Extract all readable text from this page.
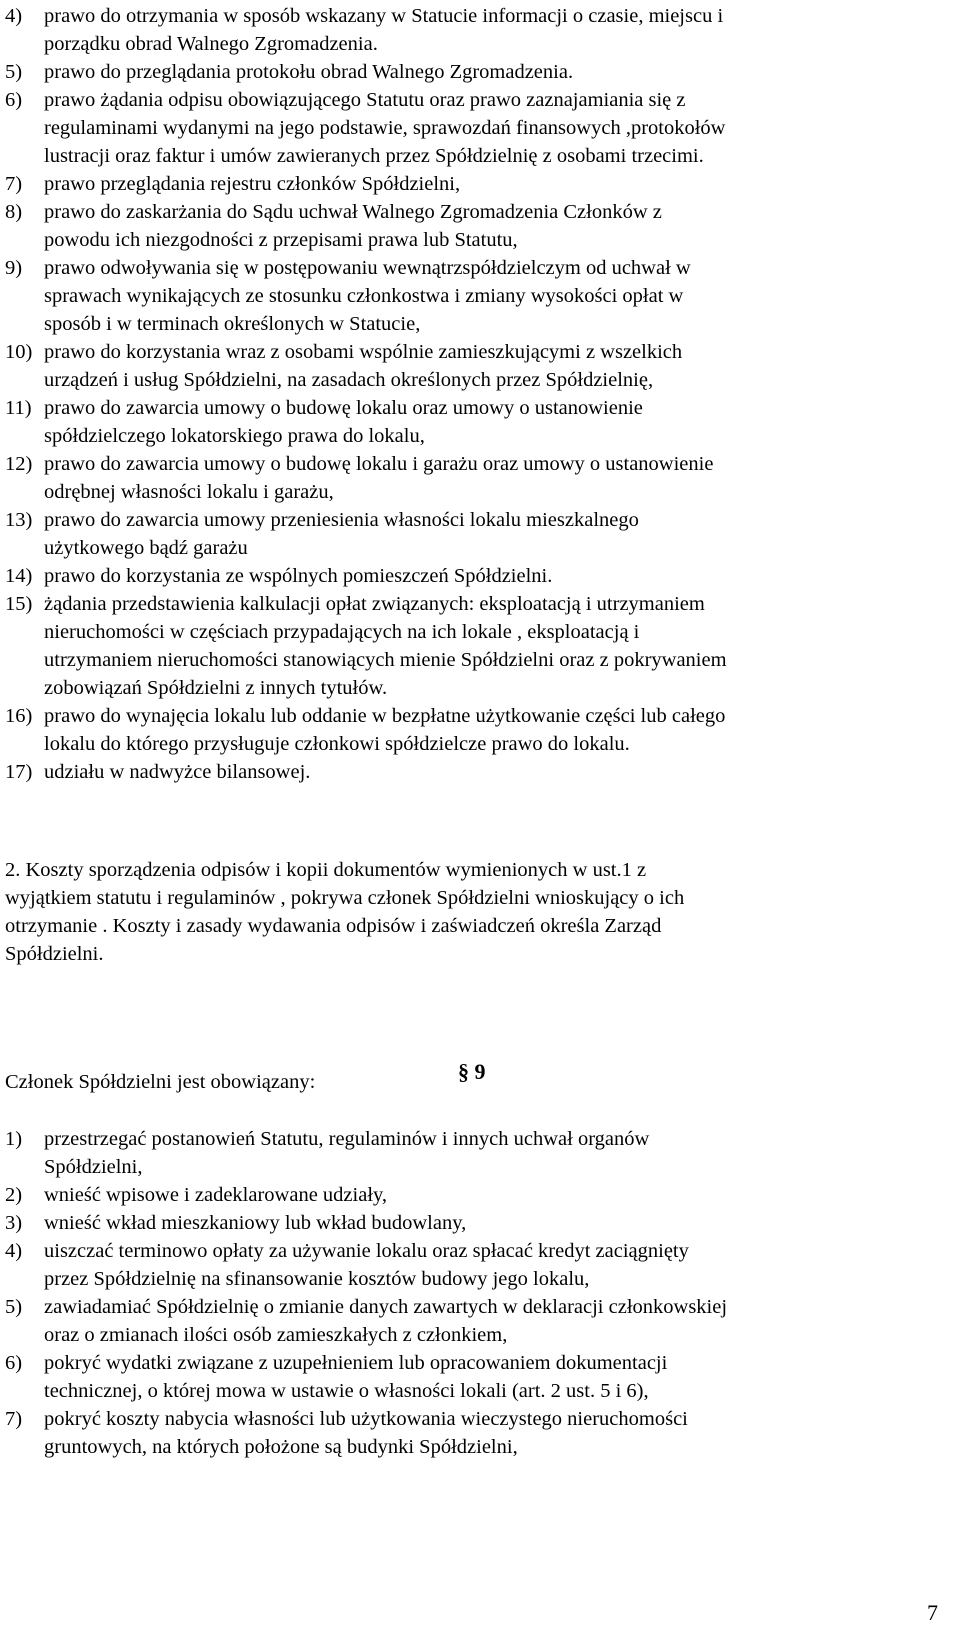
4)	prawo do otrzymania w sposób wskazany w Statucie informacji o czasie, miejscu i
porządku obrad Walnego Zgromadzenia.
5)	prawo do przeglądania protokołu obrad Walnego Zgromadzenia.
6)	prawo żądania odpisu obowiązującego Statutu oraz prawo zaznajamiania się z
regulaminami wydanymi na jego podstawie, sprawozdań finansowych ,protokołów
lustracji oraz faktur i umów zawieranych przez Spółdzielnię z osobami trzecimi.
7)	prawo przeglądania rejestru członków Spółdzielni,
8)	prawo do zaskarżania do Sądu uchwał Walnego Zgromadzenia Członków z
powodu ich niezgodności z przepisami prawa lub Statutu,
9)	prawo odwoływania się w postępowaniu wewnątrzspółdzielczym od uchwał w
sprawach wynikających ze stosunku członkostwa i zmiany wysokości opłat w
sposób i w terminach określonych w Statucie,
10) prawo do korzystania wraz z osobami wspólnie zamieszkującymi z wszelkich
urządzeń i usług Spółdzielni, na zasadach określonych przez Spółdzielnię,
11) prawo do zawarcia umowy o budowę lokalu oraz umowy o ustanowienie
spółdzielczego lokatorskiego prawa do lokalu,
12) prawo do zawarcia umowy o budowę lokalu i garażu oraz umowy o ustanowienie
odrębnej własności lokalu i garażu,
13) prawo do zawarcia umowy przeniesienia własności lokalu mieszkalnego
użytkowego bądź garażu
14) prawo do korzystania ze wspólnych pomieszczeń Spółdzielni.
15) żądania przedstawienia kalkulacji opłat związanych: eksploatacją i utrzymaniem
nieruchomości w częściach przypadających na ich lokale , eksploatacją i
utrzymaniem nieruchomości stanowiących mienie Spółdzielni oraz z pokrywaniem
zobowiązań Spółdzielni z innych tytułów.
16) prawo do wynajęcia lokalu lub oddanie w bezpłatne użytkowanie części lub całego
lokalu do którego przysługuje członkowi spółdzielcze prawo do lokalu.
17) udziału w nadwyżce bilansowej.
2. Koszty sporządzenia odpisów i kopii dokumentów wymienionych w ust.1 z
wyjątkiem statutu i regulaminów , pokrywa członek Spółdzielni wnioskujący o ich
otrzymanie . Koszty i zasady wydawania odpisów i zaświadczeń określa Zarząd
Spółdzielni.
§ 9
Członek Spółdzielni jest obowiązany:
1)	przestrzegać postanowień Statutu, regulaminów i innych uchwał organów
Spółdzielni,
2)	wnieść wpisowe i zadeklarowane udziały,
3)	wnieść wkład mieszkaniowy lub wkład budowlany,
4)	uiszczać terminowo opłaty za używanie lokalu oraz spłacać kredyt zaciągnięty
przez Spółdzielnię na sfinansowanie kosztów budowy jego lokalu,
5)	zawiadamiać Spółdzielnię o zmianie danych zawartych w deklaracji członkowskiej
oraz o zmianach ilości osób zamieszkałych z członkiem,
6)	pokryć wydatki związane z uzupełnieniem lub opracowaniem dokumentacji
technicznej, o której mowa w ustawie o własności lokali (art. 2 ust. 5 i 6),
7)	pokryć koszty nabycia własności lub użytkowania wieczystego nieruchomości
gruntowych, na których położone są budynki Spółdzielni,
7
